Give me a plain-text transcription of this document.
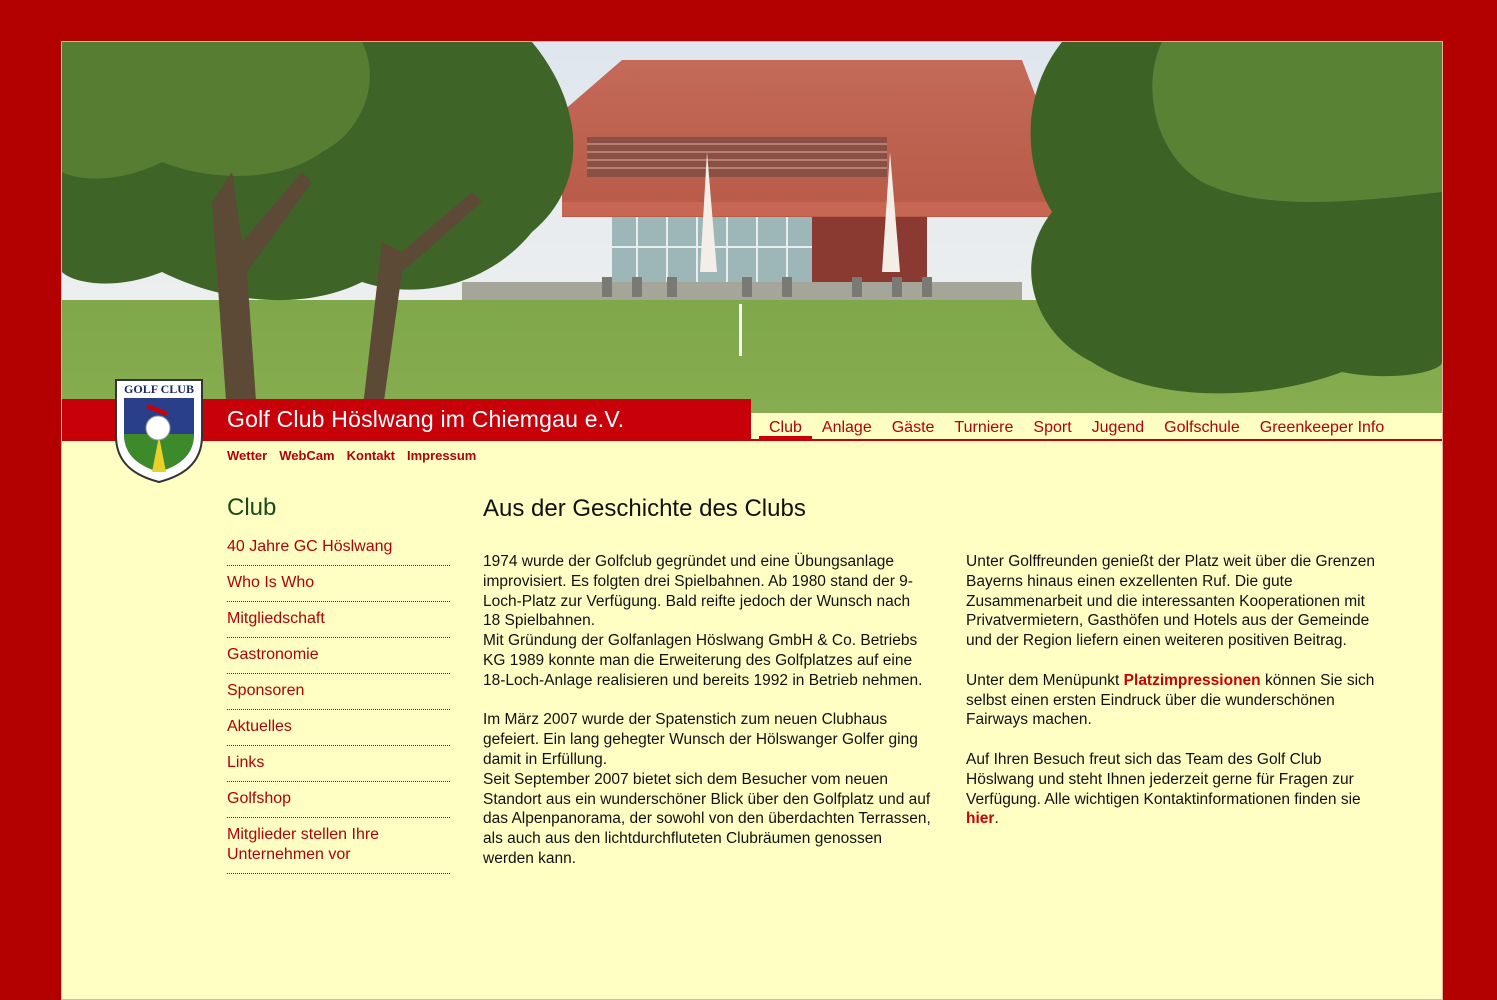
Golf Club Höslwang im Chiemgau e.V.
GOLF CLUB
Wetter WebCam Kontakt Impressum
Club	Anlage	Gäste	Turniere	Sport	Jugend	Golfschule	Greenkeeper Info
Club
40 Jahre GC Höslwang
Who Is Who
Mitgliedschaft
Gastronomie
Sponsoren
Aktuelles
Links
Golfshop
Mitglieder stellen Ihre Unternehmen vor
Aus der Geschichte des Clubs

1974 wurde der Golfclub gegründet und eine Übungsanlage improvisiert. Es folgten drei Spielbahnen. Ab 1980 stand der 9-Loch-Platz zur Verfügung. Bald reifte jedoch der Wunsch nach 18 Spielbahnen.
Mit Gründung der Golfanlagen Höslwang GmbH & Co. Betriebs KG 1989 konnte man die Erweiterung des Golfplatzes auf eine 18-Loch-Anlage realisieren und bereits 1992 in Betrieb nehmen.

Im März 2007 wurde der Spatenstich zum neuen Clubhaus gefeiert. Ein lang gehegter Wunsch der Hölswanger Golfer ging damit in Erfüllung.
Seit September 2007 bietet sich dem Besucher vom neuen Standort aus ein wunderschöner Blick über den Golfplatz und auf das Alpenpanorama, der sowohl von den überdachten Terrassen, als auch aus den lichtdurchfluteten Clubräumen genossen werden kann.

Unter Golffreunden genießt der Platz weit über die Grenzen Bayerns hinaus einen exzellenten Ruf. Die gute Zusammenarbeit und die interessanten Kooperationen mit Privatvermietern, Gasthöfen und Hotels aus der Gemeinde und der Region liefern einen weiteren positiven Beitrag.

Unter dem Menüpunkt Platzimpressionen können Sie sich selbst einen ersten Eindruck über die wunderschönen Fairways machen.

Auf Ihren Besuch freut sich das Team des Golf Club Höslwang und steht Ihnen jederzeit gerne für Fragen zur Verfügung. Alle wichtigen Kontaktinformationen finden sie hier.
